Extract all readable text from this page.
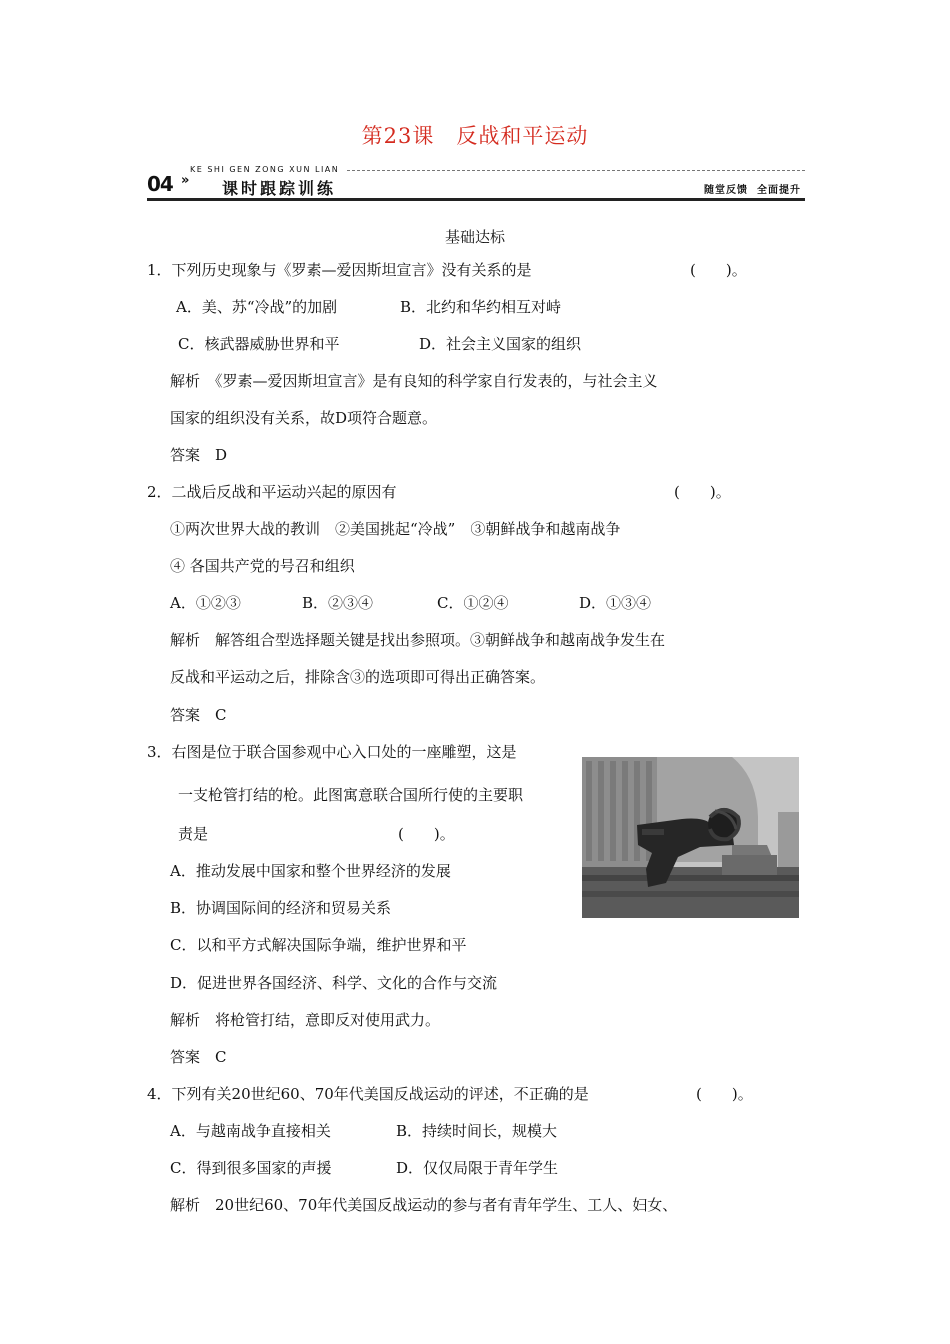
第23课　反战和平运动
KE SHI GEN ZONG XUN LIAN
04 » 课时跟踪训练	随堂反馈  全面提升
基础达标
1．下列历史现象与《罗素—爱因斯坦宣言》没有关系的是	(　　)。
A．美、苏“冷战”的加剧	B．北约和华约相互对峙
C．核武器威胁世界和平	D．社会主义国家的组织
解析　《罗素—爱因斯坦宣言》是有良知的科学家自行发表的，与社会主义
国家的组织没有关系，故D项符合题意。
答案　D
2．二战后反战和平运动兴起的原因有	(　　)。
①两次世界大战的教训　②美国挑起“冷战”　③朝鲜战争和越南战争
④ 各国共产党的号召和组织
A．①②③	B．②③④	C．①②④	D．①③④
解析　解答组合型选择题关键是找出参照项。③朝鲜战争和越南战争发生在
反战和平运动之后，排除含③的选项即可得出正确答案。
答案　C
3．右图是位于联合国参观中心入口处的一座雕塑，这是
一支枪管打结的枪。此图寓意联合国所行使的主要职
责是	(　　)。
A．推动发展中国家和整个世界经济的发展
B．协调国际间的经济和贸易关系
C．以和平方式解决国际争端，维护世界和平
D．促进世界各国经济、科学、文化的合作与交流
解析　将枪管打结，意即反对使用武力。
答案　C
4．下列有关20世纪60、70年代美国反战运动的评述，不正确的是	(　　)。
A．与越南战争直接相关	B．持续时间长，规模大
C．得到很多国家的声援	D．仅仅局限于青年学生
解析　20世纪60、70年代美国反战运动的参与者有青年学生、工人、妇女、
